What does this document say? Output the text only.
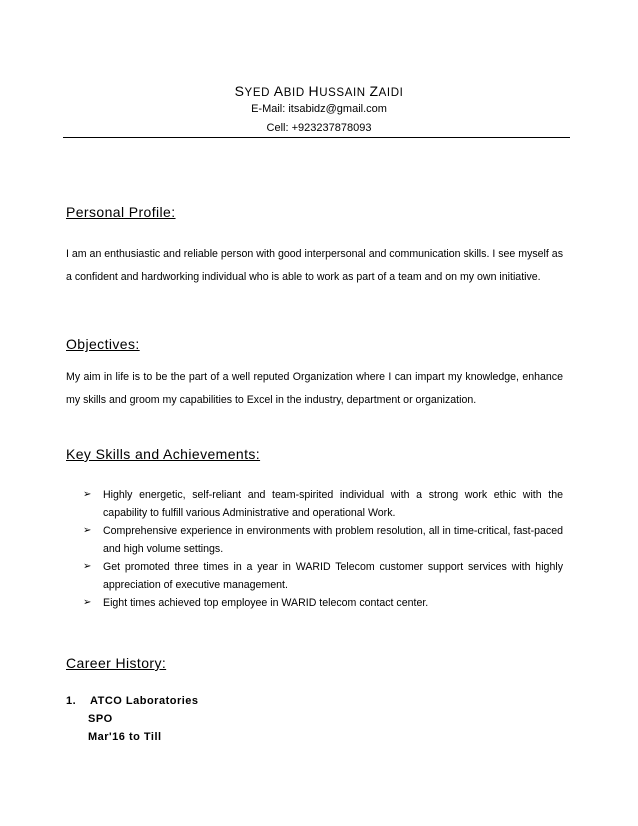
SYED ABID HUSSAIN ZAIDI
E-Mail: itsabidz@gmail.com
Cell: +923237878093
Personal Profile:
I am an enthusiastic and reliable person with good interpersonal and communication skills. I see myself as
a confident and hardworking individual who is able to work as part of a team and on my own initiative.
Objectives:
My aim in life is to be the part of a well reputed Organization where I can impart my knowledge, enhance
my skills and groom my capabilities to Excel in the industry, department or organization.
Key Skills and Achievements:
➢ Highly energetic, self-reliant and team-spirited individual with a strong work ethic with the capability to fulfill various Administrative and operational Work.
➢ Comprehensive experience in environments with problem resolution, all in time-critical, fast-paced and high volume settings.
➢ Get promoted three times in a year in WARID Telecom customer support services with highly appreciation of executive management.
➢ Eight times achieved top employee in WARID telecom contact center.
Career History:
1. ATCO Laboratories
SPO
Mar'16 to Till
